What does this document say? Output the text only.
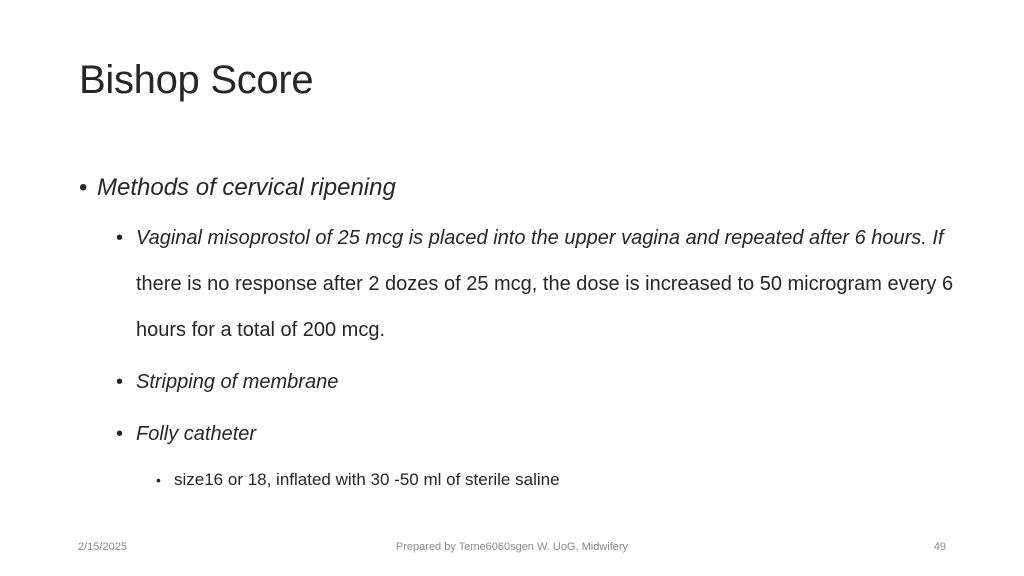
Bishop Score
• Methods of cervical ripening
• Vaginal misoprostol of 25 mcg is placed into the upper vagina and repeated after 6 hours. If there is no response after 2 dozes of 25 mcg, the dose is increased to 50 microgram every 6 hours for a total of 200 mcg.
• Stripping of membrane
• Folly catheter
• size16 or 18, inflated with 30 -50 ml of sterile saline
2/15/2025	Prepared by Teme6060sgen W. UoG, Midwifery	49
